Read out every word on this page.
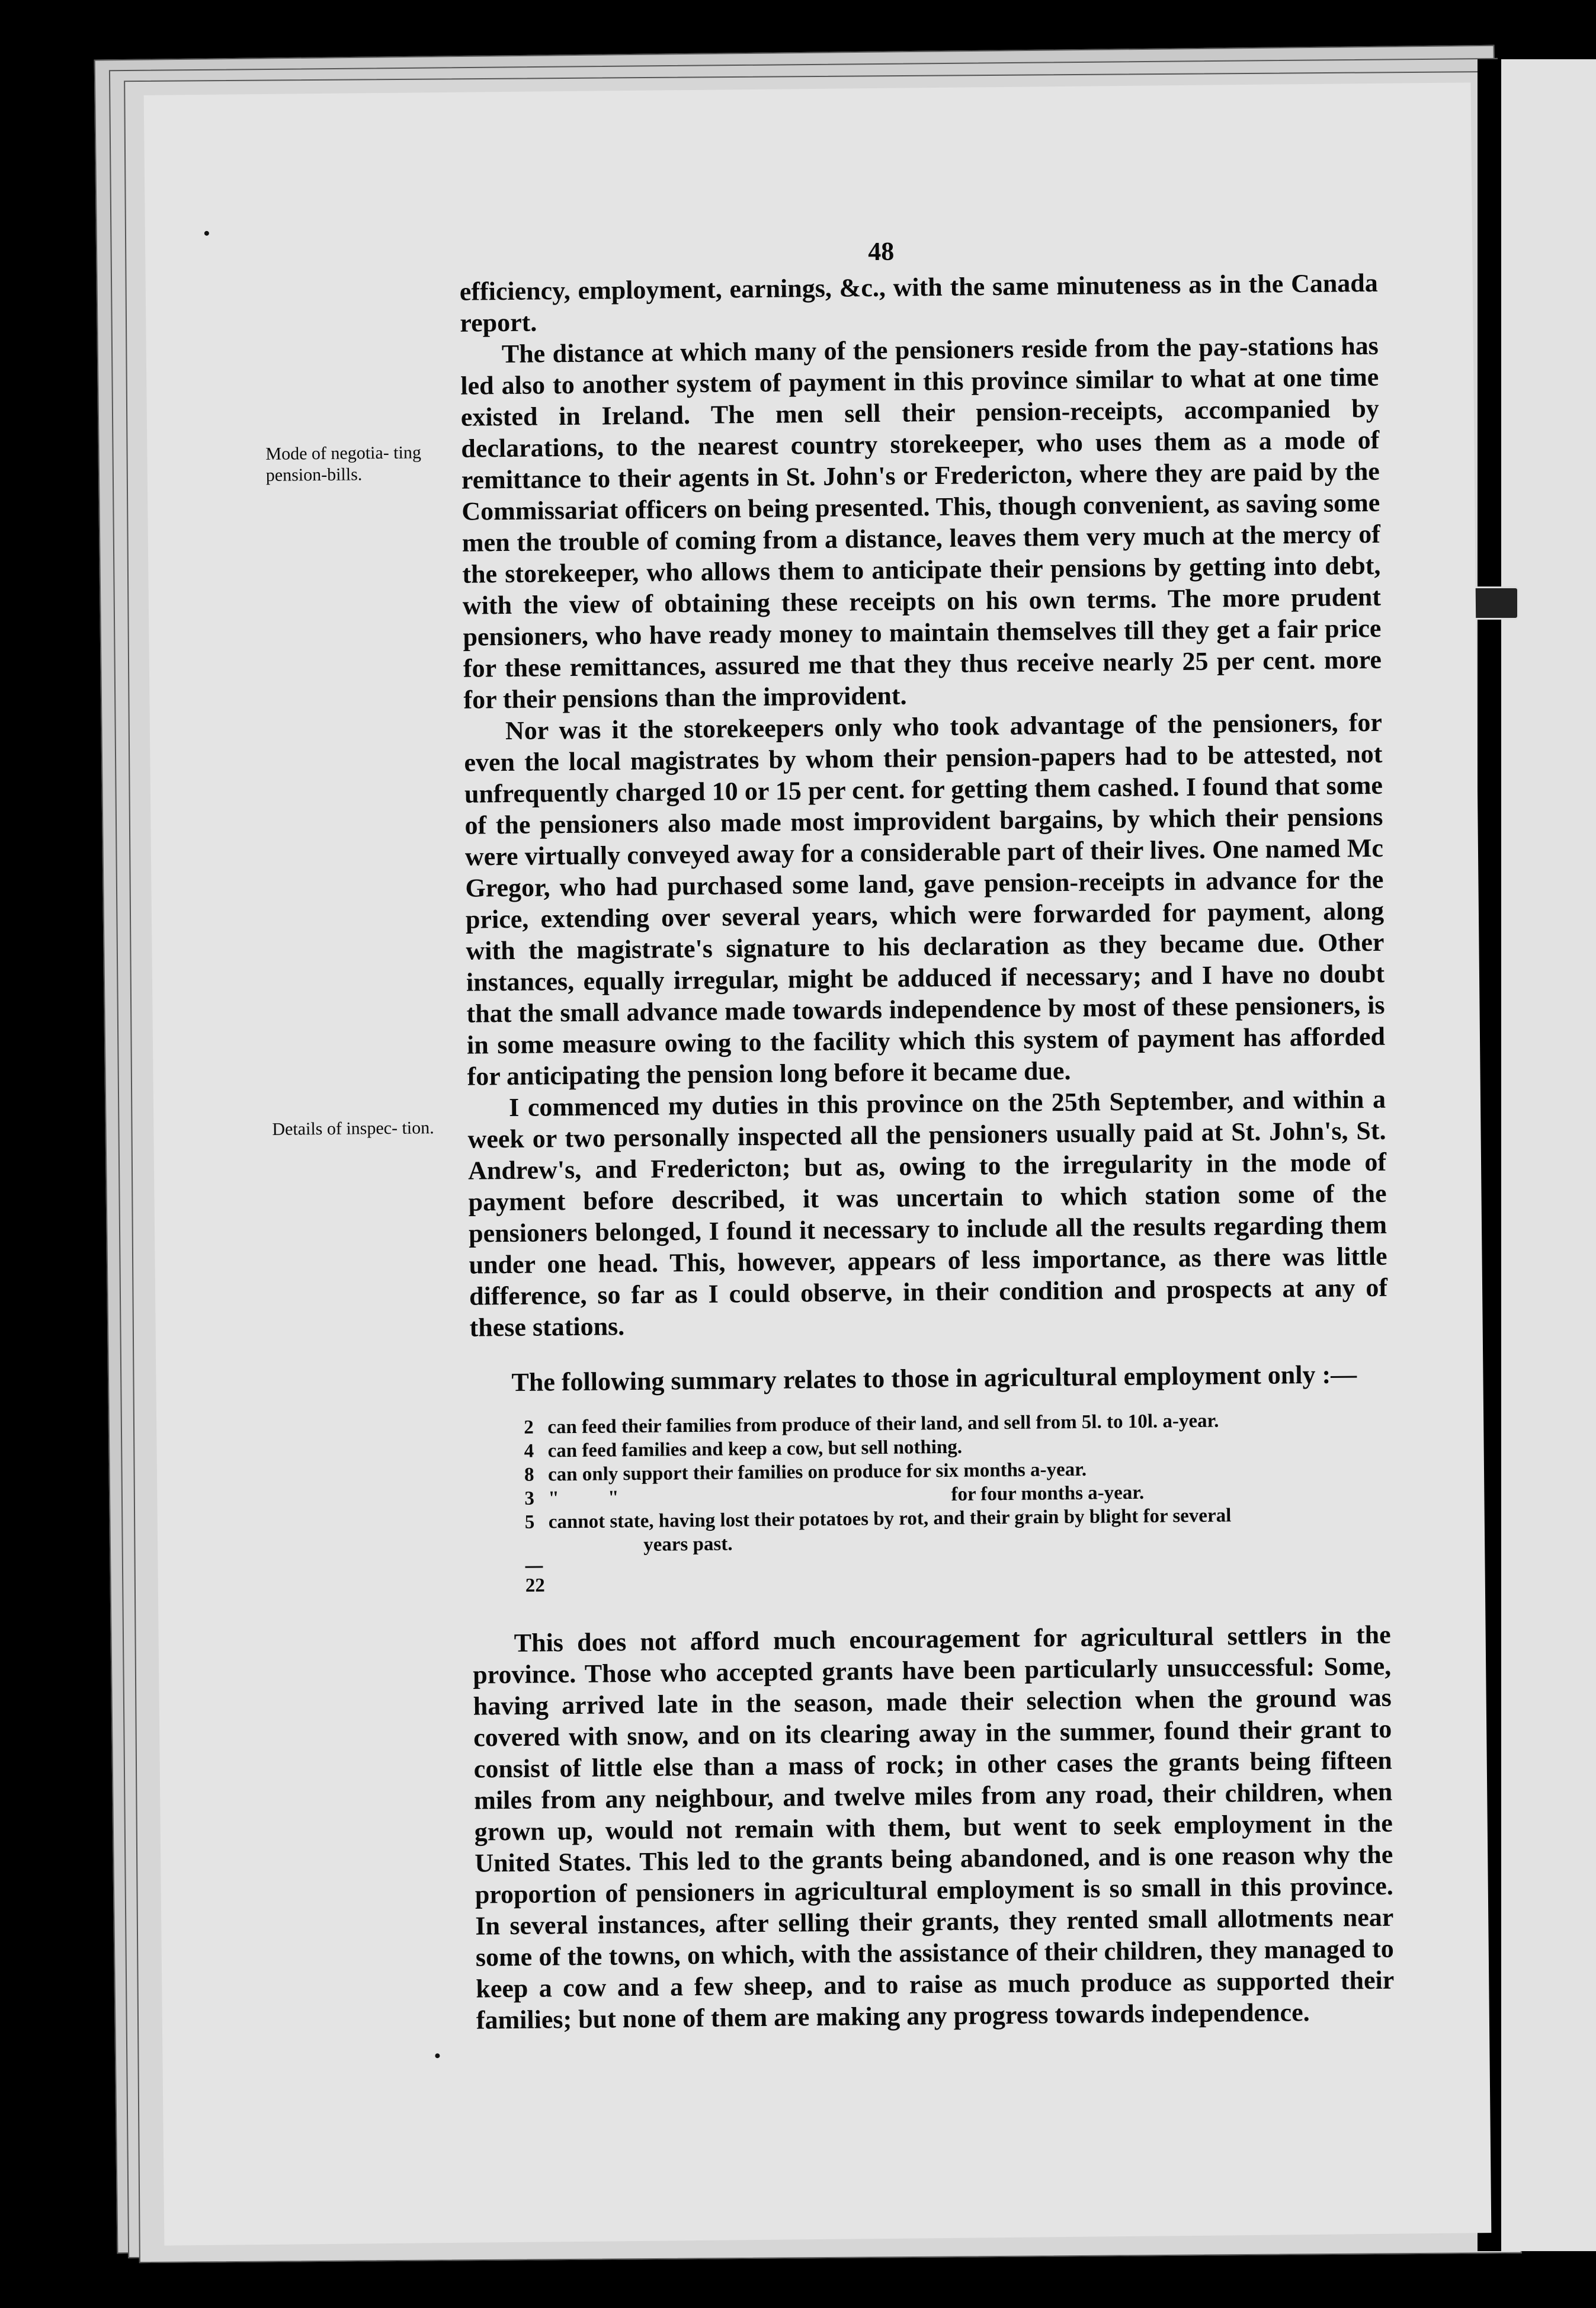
48
Mode of negotia- ting pension-bills.
Details of inspec- tion.

efficiency, employment, earnings, &c., with the same minuteness as in the Canada report.

The distance at which many of the pensioners reside from the pay-stations has led also to another system of payment in this province similar to what at one time existed in Ireland. The men sell their pension-receipts, accompanied by declarations, to the nearest country storekeeper, who uses them as a mode of remittance to their agents in St. John's or Fredericton, where they are paid by the Commissariat officers on being presented. This, though convenient, as saving some men the trouble of coming from a distance, leaves them very much at the mercy of the storekeeper, who allows them to anticipate their pensions by getting into debt, with the view of obtaining these receipts on his own terms. The more prudent pensioners, who have ready money to maintain themselves till they get a fair price for these remittances, assured me that they thus receive nearly 25 per cent. more for their pensions than the improvident.

Nor was it the storekeepers only who took advantage of the pensioners, for even the local magistrates by whom their pension-papers had to be attested, not unfrequently charged 10 or 15 per cent. for getting them cashed. I found that some of the pensioners also made most improvident bargains, by which their pensions were virtually conveyed away for a considerable part of their lives. One named Mc Gregor, who had purchased some land, gave pension-receipts in advance for the price, extending over several years, which were forwarded for payment, along with the magistrate's signature to his declaration as they became due. Other instances, equally irregular, might be adduced if necessary; and I have no doubt that the small advance made towards independence by most of these pensioners, is in some measure owing to the facility which this system of payment has afforded for anticipating the pension long before it became due.

I commenced my duties in this province on the 25th September, and within a week or two personally inspected all the pensioners usually paid at St. John's, St. Andrew's, and Fredericton; but as, owing to the irregularity in the mode of payment before described, it was uncertain to which station some of the pensioners belonged, I found it necessary to include all the results regarding them under one head. This, however, appears of less importance, as there was little difference, so far as I could observe, in their condition and prospects at any of these stations.

The following summary relates to those in agricultural employment only :—

2 can feed their families from produce of their land, and sell from 5l. to 10l. a-year.
4 can feed families and keep a cow, but sell nothing.
8 can only support their families on produce for six months a-year.
3 "          "                                                                    for four months a-year.
5 cannot state, having lost their potatoes by rot, and their grain by blight for several
years past.
22

This does not afford much encouragement for agricultural settlers in the province. Those who accepted grants have been particularly unsuccessful: Some, having arrived late in the season, made their selection when the ground was covered with snow, and on its clearing away in the summer, found their grant to consist of little else than a mass of rock; in other cases the grants being fifteen miles from any neighbour, and twelve miles from any road, their children, when grown up, would not remain with them, but went to seek employment in the United States. This led to the grants being abandoned, and is one reason why the proportion of pensioners in agricultural employment is so small in this province. In several instances, after selling their grants, they rented small allotments near some of the towns, on which, with the assistance of their children, they managed to keep a cow and a few sheep, and to raise as much produce as supported their families; but none of them are making any progress towards independence.
